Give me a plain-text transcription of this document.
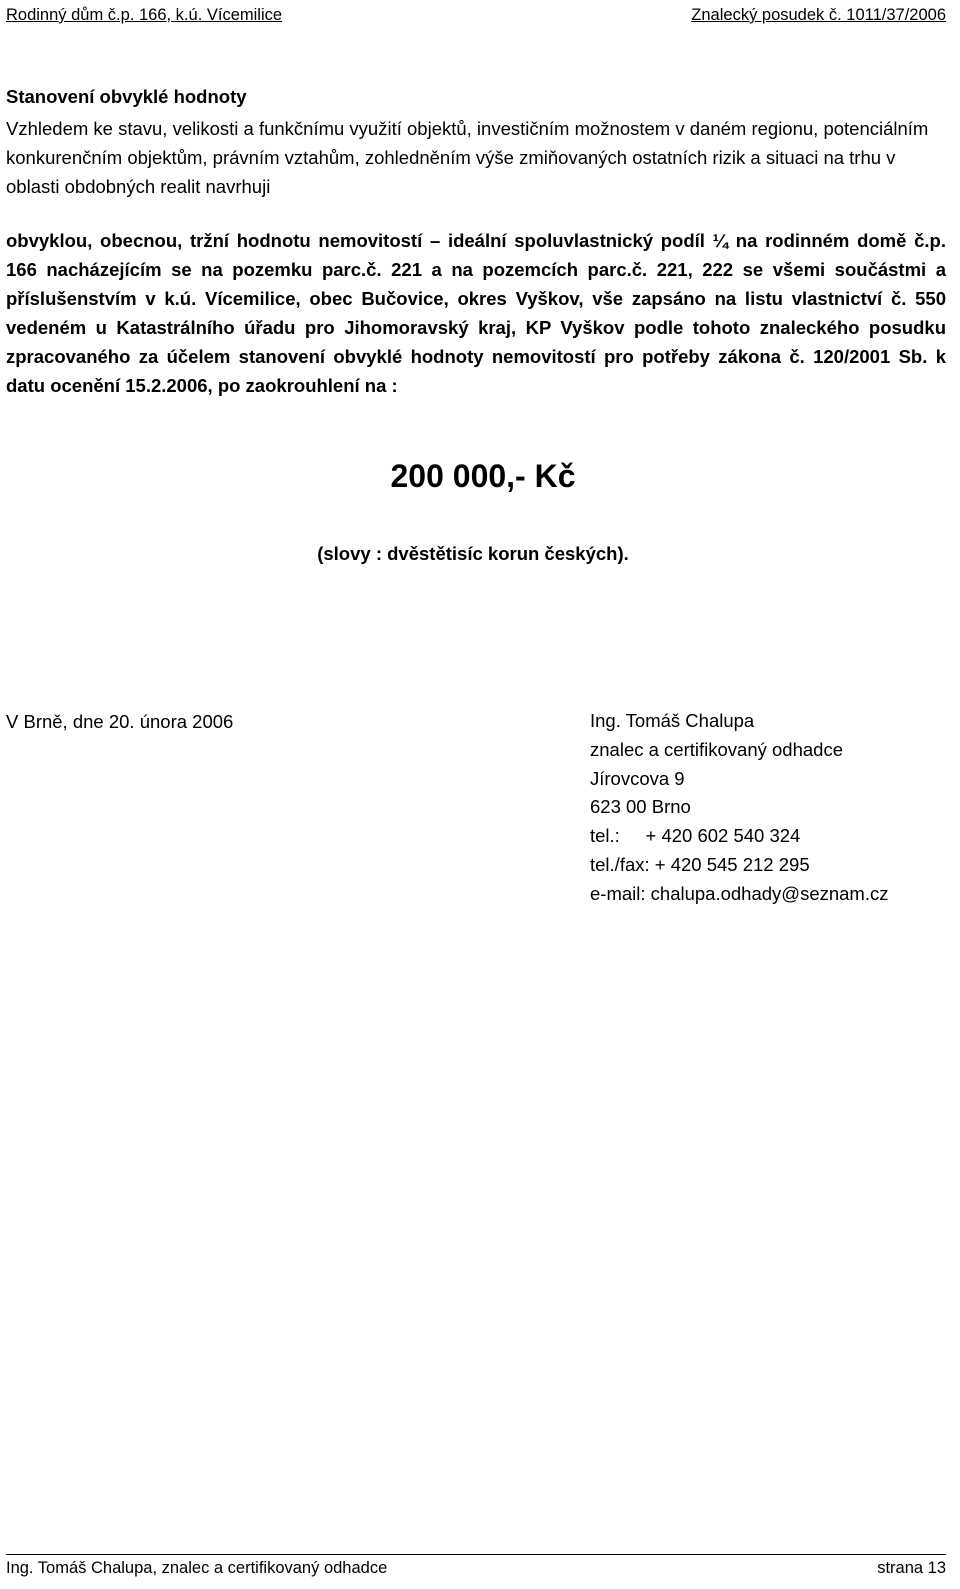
Rodinný dům č.p. 166, k.ú. Vícemilice	Znalecký posudek č. 1011/37/2006
Stanovení obvyklé hodnoty

Vzhledem ke stavu, velikosti a funkčnímu využití objektů, investičním možnostem v daném regionu, potenciálním konkurenčním objektům, právním vztahům, zohledněním výše zmiňovaných ostatních rizik a situaci na trhu v oblasti obdobných realit navrhuji

obvyklou, obecnou, tržní hodnotu nemovitostí – ideální spoluvlastnický podíl ¼ na rodinném domě č.p. 166 nacházejícím se na pozemku parc.č. 221 a na pozemcích parc.č. 221, 222 se všemi součástmi a příslušenstvím v k.ú. Vícemilice, obec Bučovice, okres Vyškov, vše zapsáno na listu vlastnictví č. 550 vedeném u Katastrálního úřadu pro Jihomoravský kraj, KP Vyškov podle tohoto znaleckého posudku zpracovaného za účelem stanovení obvyklé hodnoty nemovitostí pro potřeby zákona č. 120/2001 Sb. k datu ocenění 15.2.2006, po zaokrouhlení na :

200 000,- Kč

(slovy : dvěstětisíc korun českých).

V Brně, dne 20. února 2006	Ing. Tomáš Chalupa
znalec a certifikovaný odhadce
Jírovcova 9
623 00 Brno
tel.:     + 420 602 540 324
tel./fax: + 420 545 212 295
e-mail: chalupa.odhady@seznam.cz
Ing. Tomáš Chalupa, znalec a certifikovaný odhadce	strana 13
